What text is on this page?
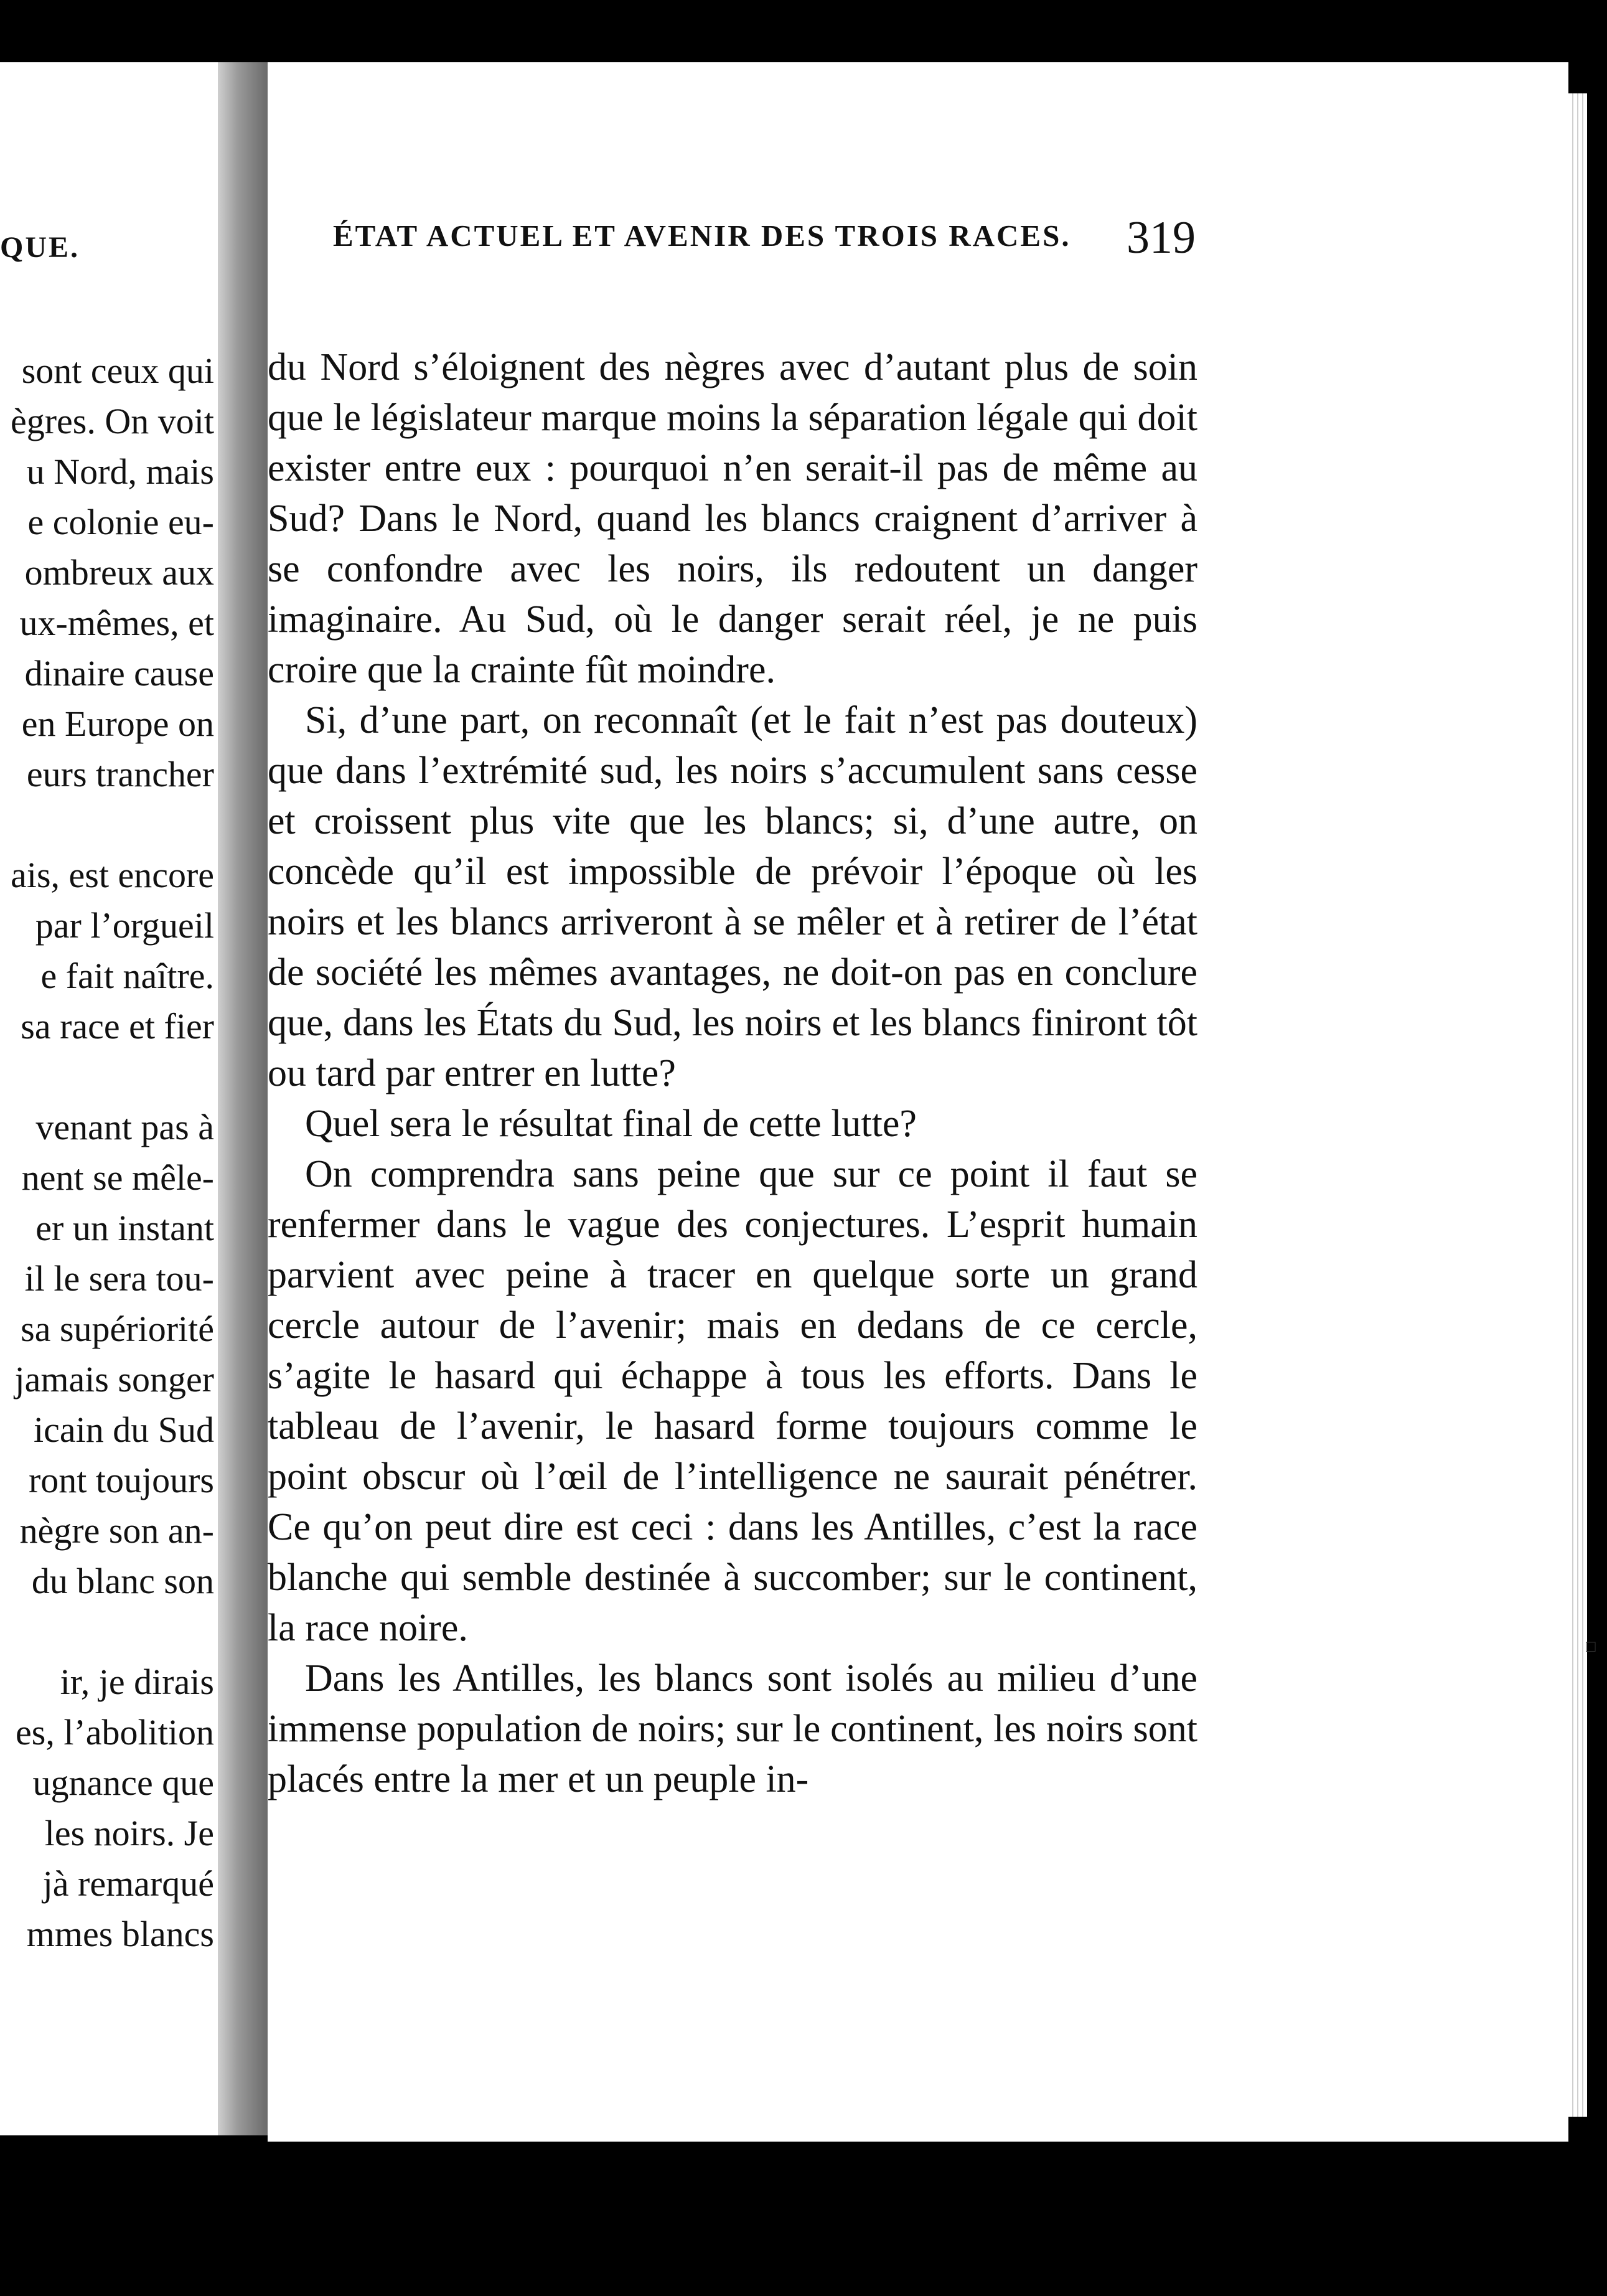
QUE.
sont ceux qui
ègres. On voit
u Nord, mais
e colonie eu-
ombreux aux
ux-mêmes, et
dinaire cause
en Europe on
eurs trancher
ais, est encore
par l’orgueil
e fait naître.
sa race et fier
venant pas à
nent se mêle-
er un instant
il le sera tou-
sa supériorité
jamais songer
icain du Sud
ront toujours
nègre son an-
du blanc son
ir, je dirais
es, l’abolition
ugnance que
les noirs. Je
jà remarqué
mmes blancs
ÉTAT ACTUEL ET AVENIR DES TROIS RACES.	319

du Nord s’éloignent des nègres avec d’autant plus de soin que le législateur marque moins la séparation légale qui doit exister entre eux : pourquoi n’en serait-il pas de même au Sud? Dans le Nord, quand les blancs craignent d’arriver à se confondre avec les noirs, ils redoutent un danger imaginaire. Au Sud, où le danger serait réel, je ne puis croire que la crainte fût moindre.

Si, d’une part, on reconnaît (et le fait n’est pas douteux) que dans l’extrémité sud, les noirs s’accumulent sans cesse et croissent plus vite que les blancs; si, d’une autre, on concède qu’il est impossible de prévoir l’époque où les noirs et les blancs arriveront à se mêler et à retirer de l’état de société les mêmes avantages, ne doit-on pas en conclure que, dans les États du Sud, les noirs et les blancs finiront tôt ou tard par entrer en lutte?

Quel sera le résultat final de cette lutte?

On comprendra sans peine que sur ce point il faut se renfermer dans le vague des conjectures. L’esprit humain parvient avec peine à tracer en quelque sorte un grand cercle autour de l’avenir; mais en dedans de ce cercle, s’agite le hasard qui échappe à tous les efforts. Dans le tableau de l’avenir, le hasard forme toujours comme le point obscur où l’œil de l’intelligence ne saurait pénétrer. Ce qu’on peut dire est ceci : dans les Antilles, c’est la race blanche qui semble destinée à succomber; sur le continent, la race noire.

Dans les Antilles, les blancs sont isolés au milieu d’une immense population de noirs; sur le continent, les noirs sont placés entre la mer et un peuple in-

□
